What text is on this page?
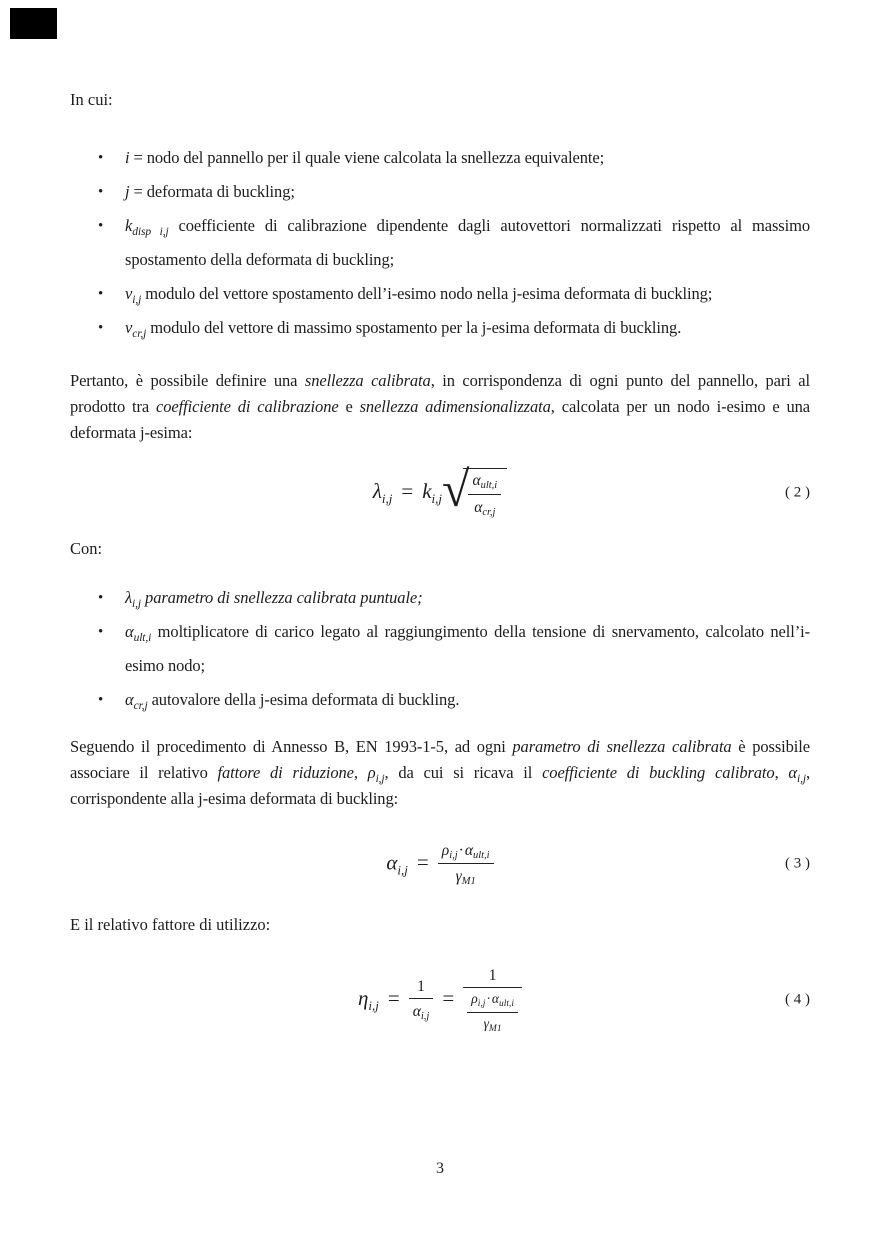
In cui:
• i = nodo del pannello per il quale viene calcolata la snellezza equivalente;
• j = deformata di buckling;
• $k_{disp i,j}$ coefficiente di calibrazione dipendente dagli autovettori normalizzati rispetto al massimo spostamento della deformata di buckling;
• $v_{i,j}$ modulo del vettore spostamento dell’i-esimo nodo nella j-esima deformata di buckling;
• $v_{cr,j}$ modulo del vettore di massimo spostamento per la j-esima deformata di buckling.
Pertanto, è possibile definire una snellezza calibrata, in corrispondenza di ogni punto del pannello, pari al prodotto tra coefficiente di calibrazione e snellezza adimensionalizzata, calcolata per un nodo i-esimo e una deformata j-esima:
$\lambda_{i,j} = k_{i,j}√ \frac{\text{αult,i}}{\text{αcr,j}}$	( 2 )
Con:
• $\lambda_{i,j}$ parametro di snellezza calibrata puntuale;
• $\alpha_{ult,i}$ moltiplicatore di carico legato al raggiungimento della tensione di snervamento, calcolato nell’i-esimo nodo;
• $\alpha_{cr,j}$ autovalore della j-esima deformata di buckling.
Seguendo il procedimento di Annesso B, EN 1993-1-5, ad ogni parametro di snellezza calibrata è possibile associare il relativo fattore di riduzione, $\rho_{i,j}$, da cui si ricava il coefficiente di buckling calibrato, $\alpha_{i,j}$, corrispondente alla j-esima deformata di buckling:
$\alpha_{i,j} = \frac{\text{ρi,j·αult,i}}{\gamma M1}$	( 3 )
E il relativo fattore di utilizzo:
$\eta_{i,j} = \frac{1}{\alpha i,j} = \frac{1}{\frac{\rho_{i,j}\cdot\alpha_{ult,i}}{\gamma_{M1}}}$	( 4 )
3
